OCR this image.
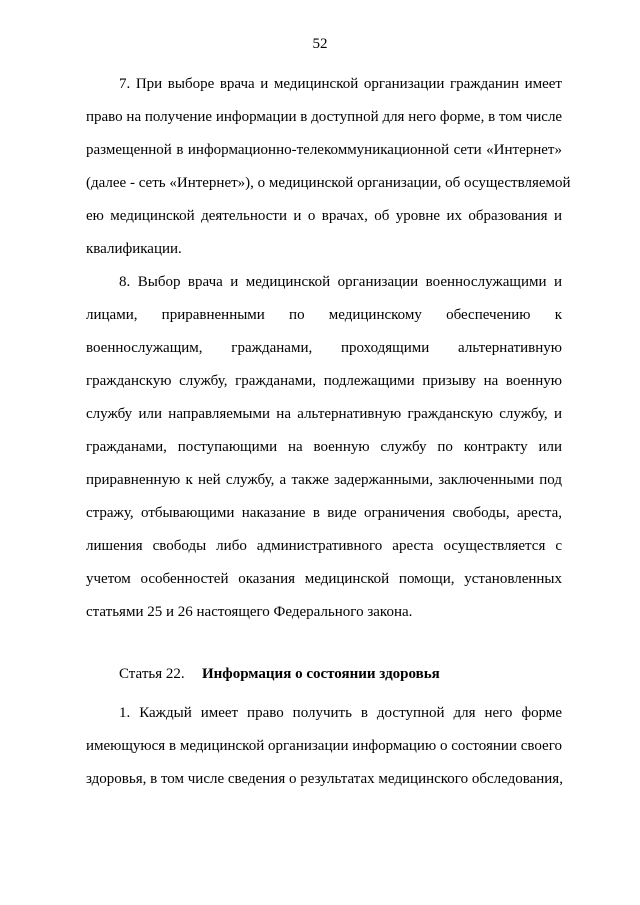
52
7. При выборе врача и медицинской организации гражданин имеет
право на получение информации в доступной для него форме, в том числе
размещенной в информационно-телекоммуникационной сети «Интернет»
(далее - сеть «Интернет»), о медицинской организации, об осуществляемой
ею медицинской деятельности и о врачах, об уровне их образования и
квалификации.
8. Выбор врача и медицинской организации военнослужащими и
лицами, приравненными по медицинскому обеспечению к
военнослужащим, гражданами, проходящими альтернативную
гражданскую службу, гражданами, подлежащими призыву на военную
службу или направляемыми на альтернативную гражданскую службу, и
гражданами, поступающими на военную службу по контракту или
приравненную к ней службу, а также задержанными, заключенными под
стражу, отбывающими наказание в виде ограничения свободы, ареста,
лишения свободы либо административного ареста осуществляется с
учетом особенностей оказания медицинской помощи, установленных
статьями 25 и 26 настоящего Федерального закона.
Статья 22. Информация о состоянии здоровья
1. Каждый имеет право получить в доступной для него форме
имеющуюся в медицинской организации информацию о состоянии своего
здоровья, в том числе сведения о результатах медицинского обследования,
